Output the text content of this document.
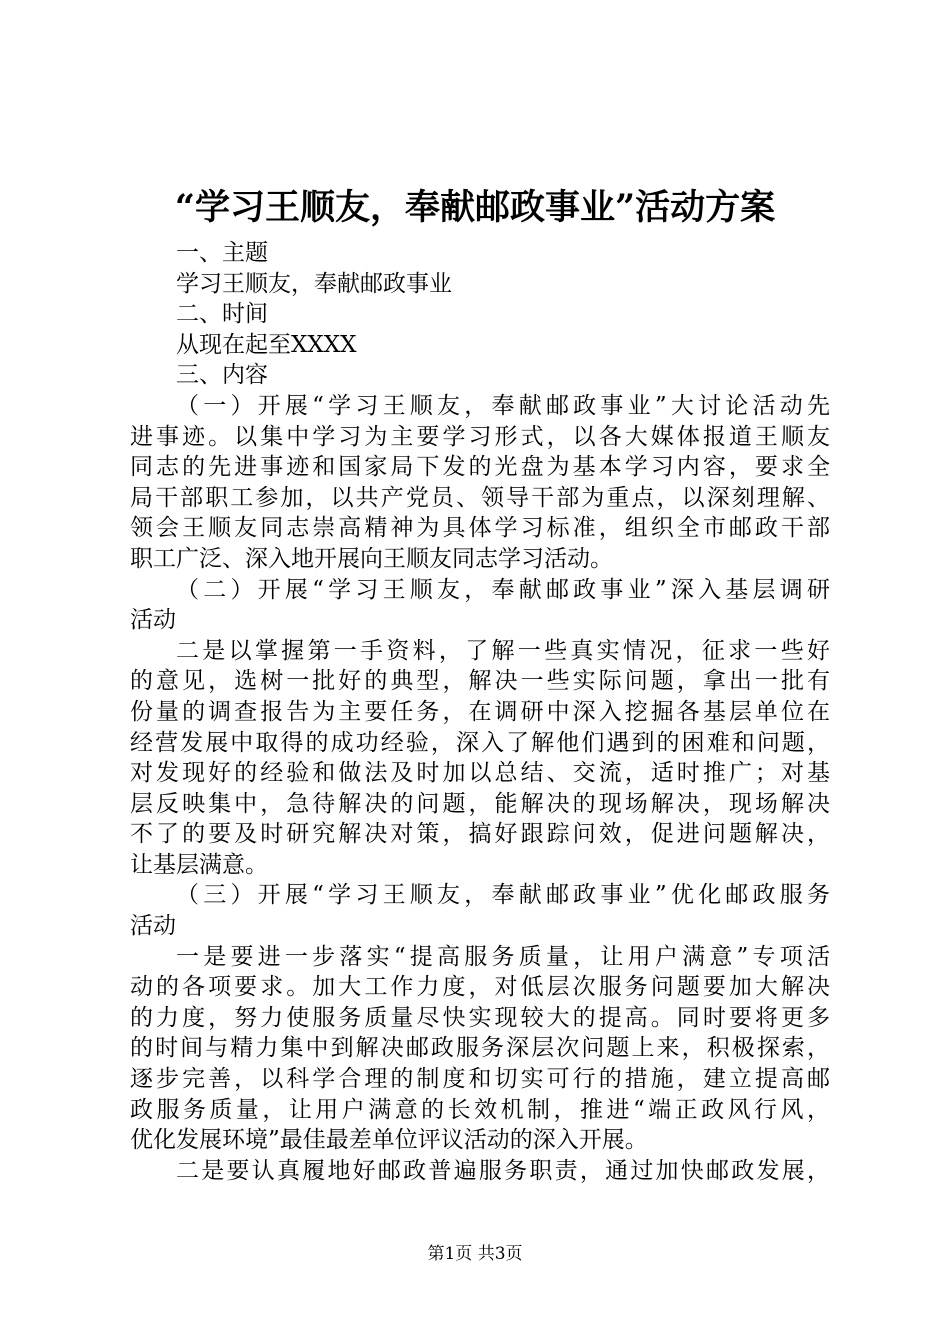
“学习王顺友，奉献邮政事业”活动方案
一、主题
学习王顺友，奉献邮政事业
二、时间
从现在起至XXXX
三、内容
（一）开展“学习王顺友，奉献邮政事业”大讨论活动先
进事迹。以集中学习为主要学习形式，以各大媒体报道王顺友
同志的先进事迹和国家局下发的光盘为基本学习内容，要求全
局干部职工参加，以共产党员、领导干部为重点，以深刻理解、
领会王顺友同志崇高精神为具体学习标准，组织全市邮政干部
职工广泛、深入地开展向王顺友同志学习活动。
（二）开展“学习王顺友，奉献邮政事业”深入基层调研
活动
二是以掌握第一手资料，了解一些真实情况，征求一些好
的意见，选树一批好的典型，解决一些实际问题，拿出一批有
份量的调查报告为主要任务，在调研中深入挖掘各基层单位在
经营发展中取得的成功经验，深入了解他们遇到的困难和问题，
对发现好的经验和做法及时加以总结、交流，适时推广；对基
层反映集中，急待解决的问题，能解决的现场解决，现场解决
不了的要及时研究解决对策，搞好跟踪问效，促进问题解决，
让基层满意。
（三）开展“学习王顺友，奉献邮政事业”优化邮政服务
活动
一是要进一步落实“提高服务质量，让用户满意”专项活
动的各项要求。加大工作力度，对低层次服务问题要加大解决
的力度，努力使服务质量尽快实现较大的提高。同时要将更多
的时间与精力集中到解决邮政服务深层次问题上来，积极探索，
逐步完善，以科学合理的制度和切实可行的措施，建立提高邮
政服务质量，让用户满意的长效机制，推进“端正政风行风，
优化发展环境”最佳最差单位评议活动的深入开展。
二是要认真履地好邮政普遍服务职责，通过加快邮政发展，
第1页 共3页
